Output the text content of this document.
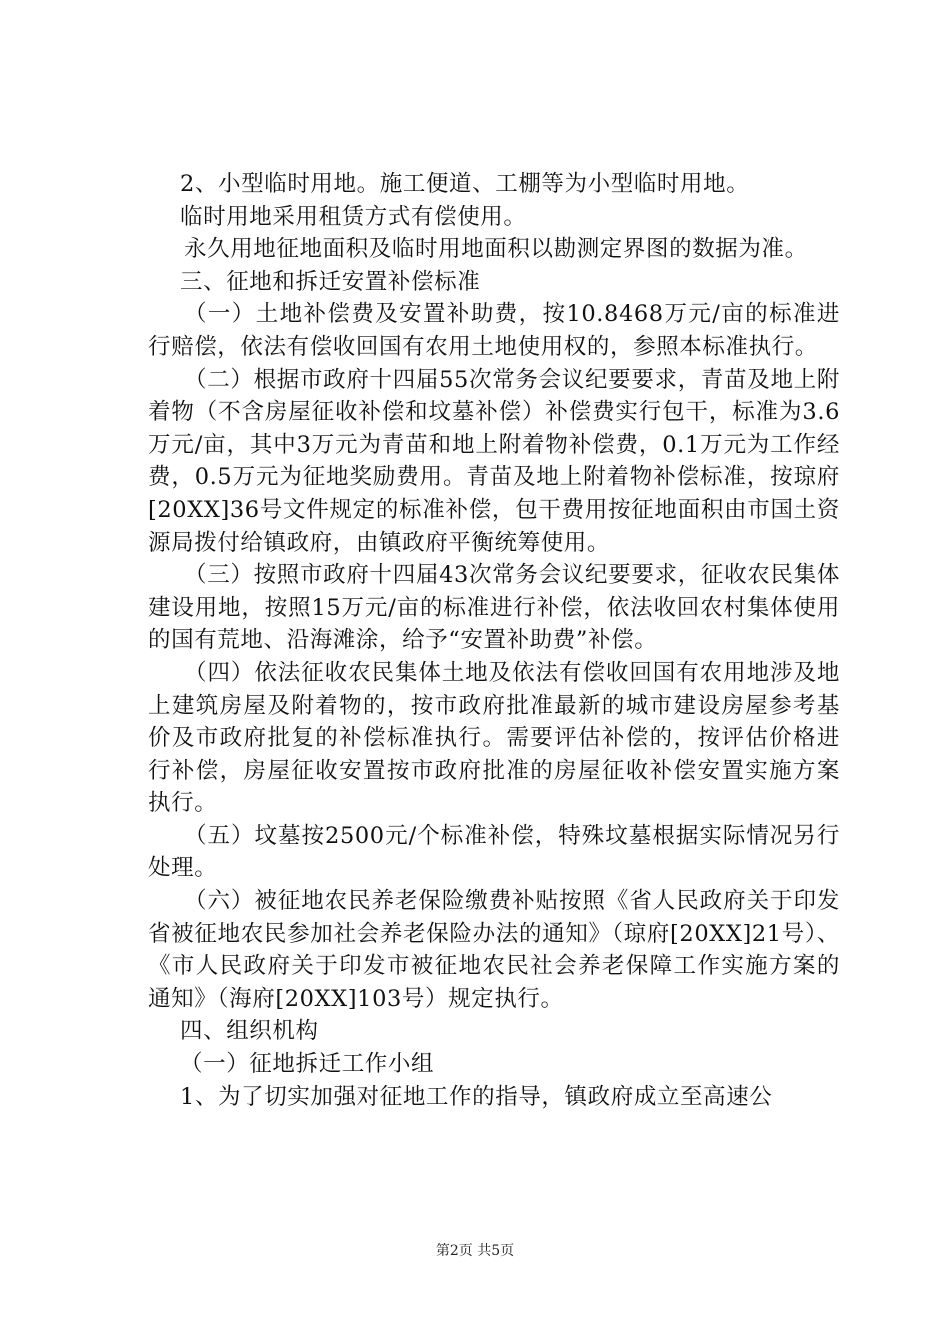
2、小型临时用地。施工便道、工棚等为小型临时用地。

临时用地采用租赁方式有偿使用。

永久用地征地面积及临时用地面积以勘测定界图的数据为准。

三、征地和拆迁安置补偿标准

（一）土地补偿费及安置补助费，按10.8468万元/亩的标准进行赔偿，依法有偿收回国有农用土地使用权的，参照本标准执行。

（二）根据市政府十四届55次常务会议纪要要求，青苗及地上附着物（不含房屋征收补偿和坟墓补偿）补偿费实行包干，标准为3.6万元/亩，其中3万元为青苗和地上附着物补偿费，0.1万元为工作经费，0.5万元为征地奖励费用。青苗及地上附着物补偿标准，按琼府[20XX]36号文件规定的标准补偿，包干费用按征地面积由市国土资源局拨付给镇政府，由镇政府平衡统筹使用。

（三）按照市政府十四届43次常务会议纪要要求，征收农民集体建设用地，按照15万元/亩的标准进行补偿，依法收回农村集体使用的国有荒地、沿海滩涂，给予“安置补助费”补偿。

（四）依法征收农民集体土地及依法有偿收回国有农用地涉及地上建筑房屋及附着物的，按市政府批准最新的城市建设房屋参考基价及市政府批复的补偿标准执行。需要评估补偿的，按评估价格进行补偿，房屋征收安置按市政府批准的房屋征收补偿安置实施方案执行。

（五）坟墓按2500元/个标准补偿，特殊坟墓根据实际情况另行处理。

（六）被征地农民养老保险缴费补贴按照《省人民政府关于印发省被征地农民参加社会养老保险办法的通知》（琼府[20XX]21号）、《市人民政府关于印发市被征地农民社会养老保障工作实施方案的通知》（海府[20XX]103号）规定执行。

四、组织机构

（一）征地拆迁工作小组

1、为了切实加强对征地工作的指导，镇政府成立至高速公

第2页 共5页
